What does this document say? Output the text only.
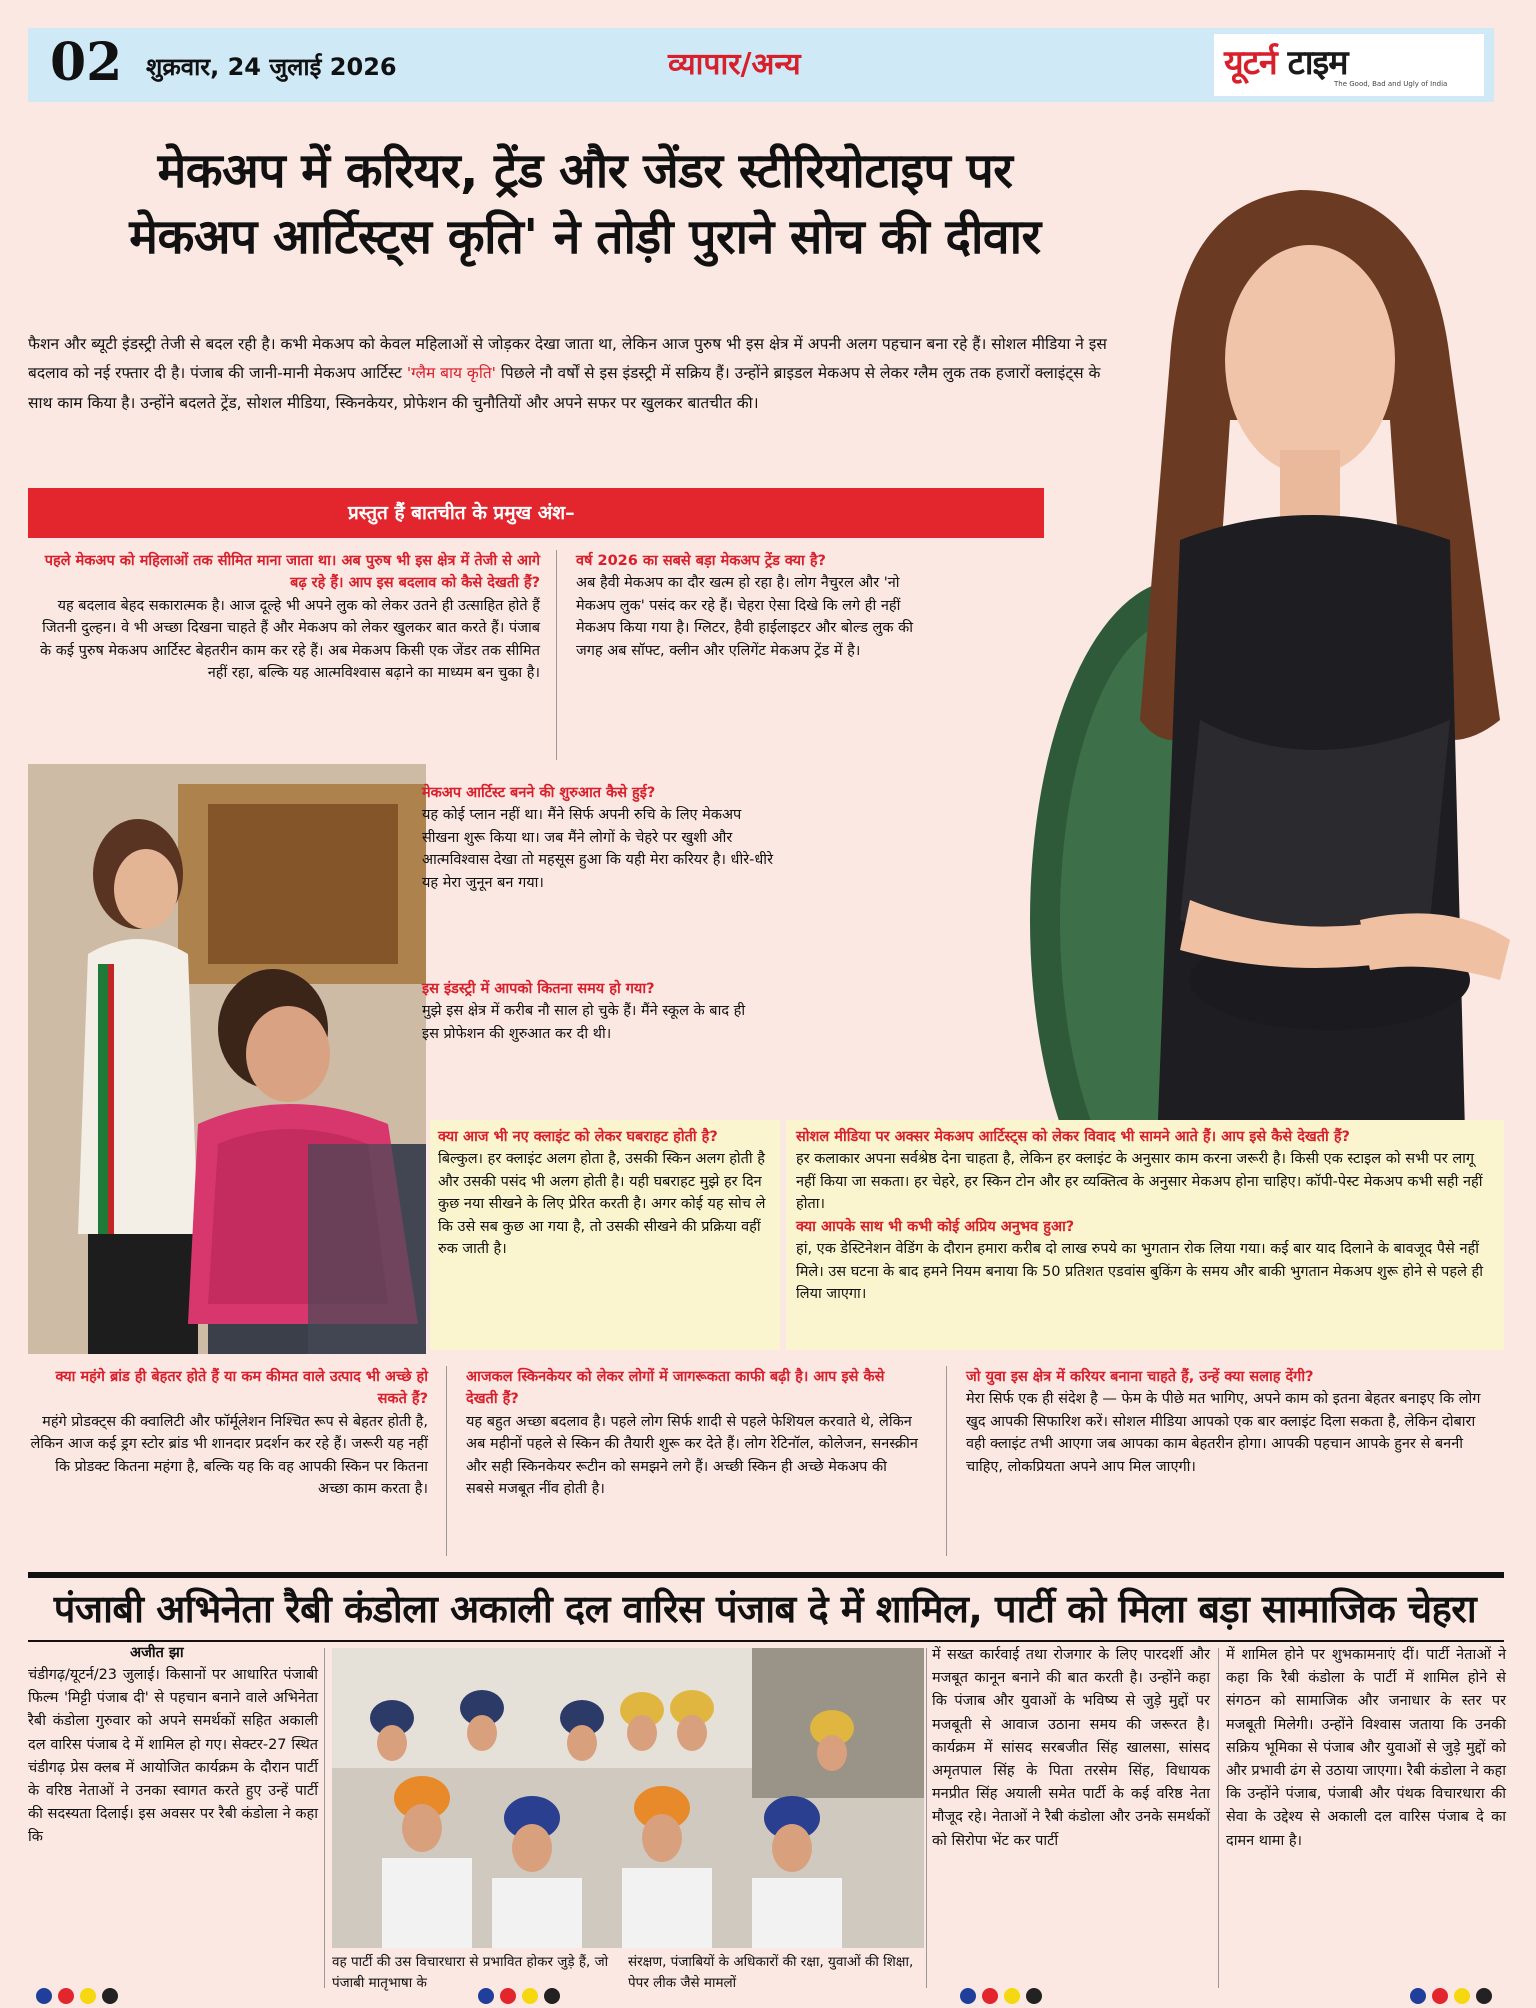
02 शुक्रवार, 24 जुलाई 2026	व्यापार/अन्य	यूटर्न टाइम
The Good, Bad and Ugly of India
मेकअप में करियर, ट्रेंड और जेंडर स्टीरियोटाइप पर
मेकअप आर्टिस्ट्स कृति' ने तोड़ी पुराने सोच की दीवार

फैशन और ब्यूटी इंडस्ट्री तेजी से बदल रही है। कभी मेकअप को केवल महिलाओं से जोड़कर देखा जाता था, लेकिन आज पुरुष भी इस क्षेत्र में अपनी अलग पहचान बना रहे हैं। सोशल मीडिया ने इस बदलाव को नई रफ्तार दी है। पंजाब की जानी-मानी मेकअप आर्टिस्ट 'ग्लैम बाय कृति' पिछले नौ वर्षों से इस इंडस्ट्री में सक्रिय हैं। उन्होंने ब्राइडल मेकअप से लेकर ग्लैम लुक तक हजारों क्लाइंट्स के साथ काम किया है। उन्होंने बदलते ट्रेंड, सोशल मीडिया, स्किनकेयर, प्रोफेशन की चुनौतियों और अपने सफर पर खुलकर बातचीत की।

प्रस्तुत हैं बातचीत के प्रमुख अंश–
पहले मेकअप को महिलाओं तक सीमित माना जाता था। अब पुरुष भी इस क्षेत्र में तेजी से आगे बढ़ रहे हैं। आप इस बदलाव को कैसे देखती हैं?
यह बदलाव बेहद सकारात्मक है। आज दूल्हे भी अपने लुक को लेकर उतने ही उत्साहित होते हैं जितनी दुल्हन। वे भी अच्छा दिखना चाहते हैं और मेकअप को लेकर खुलकर बात करते हैं। पंजाब के कई पुरुष मेकअप आर्टिस्ट बेहतरीन काम कर रहे हैं। अब मेकअप किसी एक जेंडर तक सीमित नहीं रहा, बल्कि यह आत्मविश्वास बढ़ाने का माध्यम बन चुका है।
वर्ष 2026 का सबसे बड़ा मेकअप ट्रेंड क्या है?
अब हैवी मेकअप का दौर खत्म हो रहा है। लोग नैचुरल और 'नो मेकअप लुक' पसंद कर रहे हैं। चेहरा ऐसा दिखे कि लगे ही नहीं मेकअप किया गया है। ग्लिटर, हैवी हाईलाइटर और बोल्ड लुक की जगह अब सॉफ्ट, क्लीन और एलिगेंट मेकअप ट्रेंड में है।
मेकअप आर्टिस्ट बनने की शुरुआत कैसे हुई?
यह कोई प्लान नहीं था। मैंने सिर्फ अपनी रुचि के लिए मेकअप सीखना शुरू किया था। जब मैंने लोगों के चेहरे पर खुशी और आत्मविश्वास देखा तो महसूस हुआ कि यही मेरा करियर है। धीरे-धीरे यह मेरा जुनून बन गया।
इस इंडस्ट्री में आपको कितना समय हो गया?
मुझे इस क्षेत्र में करीब नौ साल हो चुके हैं। मैंने स्कूल के बाद ही इस प्रोफेशन की शुरुआत कर दी थी।
क्या आज भी नए क्लाइंट को लेकर घबराहट होती है?
बिल्कुल। हर क्लाइंट अलग होता है, उसकी स्किन अलग होती है और उसकी पसंद भी अलग होती है। यही घबराहट मुझे हर दिन कुछ नया सीखने के लिए प्रेरित करती है। अगर कोई यह सोच ले कि उसे सब कुछ आ गया है, तो उसकी सीखने की प्रक्रिया वहीं रुक जाती है।
सोशल मीडिया पर अक्सर मेकअप आर्टिस्ट्स को लेकर विवाद भी सामने आते हैं। आप इसे कैसे देखती हैं?
हर कलाकार अपना सर्वश्रेष्ठ देना चाहता है, लेकिन हर क्लाइंट के अनुसार काम करना जरूरी है। किसी एक स्टाइल को सभी पर लागू नहीं किया जा सकता। हर चेहरे, हर स्किन टोन और हर व्यक्तित्व के अनुसार मेकअप होना चाहिए। कॉपी-पेस्ट मेकअप कभी सही नहीं होता।
क्या आपके साथ भी कभी कोई अप्रिय अनुभव हुआ?
हां, एक डेस्टिनेशन वेडिंग के दौरान हमारा करीब दो लाख रुपये का भुगतान रोक लिया गया। कई बार याद दिलाने के बावजूद पैसे नहीं मिले। उस घटना के बाद हमने नियम बनाया कि 50 प्रतिशत एडवांस बुकिंग के समय और बाकी भुगतान मेकअप शुरू होने से पहले ही लिया जाएगा।
क्या महंगे ब्रांड ही बेहतर होते हैं या कम कीमत वाले उत्पाद भी अच्छे हो सकते हैं?
महंगे प्रोडक्ट्स की क्वालिटी और फॉर्मूलेशन निश्चित रूप से बेहतर होती है, लेकिन आज कई ड्रग स्टोर ब्रांड भी शानदार प्रदर्शन कर रहे हैं। जरूरी यह नहीं कि प्रोडक्ट कितना महंगा है, बल्कि यह कि वह आपकी स्किन पर कितना अच्छा काम करता है।
आजकल स्किनकेयर को लेकर लोगों में जागरूकता काफी बढ़ी है। आप इसे कैसे देखती हैं?
यह बहुत अच्छा बदलाव है। पहले लोग सिर्फ शादी से पहले फेशियल करवाते थे, लेकिन अब महीनों पहले से स्किन की तैयारी शुरू कर देते हैं। लोग रेटिनॉल, कोलेजन, सनस्क्रीन और सही स्किनकेयर रूटीन को समझने लगे हैं। अच्छी स्किन ही अच्छे मेकअप की सबसे मजबूत नींव होती है।
जो युवा इस क्षेत्र में करियर बनाना चाहते हैं, उन्हें क्या सलाह देंगी?
मेरा सिर्फ एक ही संदेश है — फेम के पीछे मत भागिए, अपने काम को इतना बेहतर बनाइए कि लोग खुद आपकी सिफारिश करें। सोशल मीडिया आपको एक बार क्लाइंट दिला सकता है, लेकिन दोबारा वही क्लाइंट तभी आएगा जब आपका काम बेहतरीन होगा। आपकी पहचान आपके हुनर से बननी चाहिए, लोकप्रियता अपने आप मिल जाएगी।
पंजाबी अभिनेता रैबी कंडोला अकाली दल वारिस पंजाब दे में शामिल, पार्टी को मिला बड़ा सामाजिक चेहरा
अजीत झा
चंडीगढ़/यूटर्न/23 जुलाई। किसानों पर आधारित पंजाबी फिल्म 'मिट्टी पंजाब दी' से पहचान बनाने वाले अभिनेता रैबी कंडोला गुरुवार को अपने समर्थकों सहित अकाली दल वारिस पंजाब दे में शामिल हो गए। सेक्टर-27 स्थित चंडीगढ़ प्रेस क्लब में आयोजित कार्यक्रम के दौरान पार्टी के वरिष्ठ नेताओं ने उनका स्वागत करते हुए उन्हें पार्टी की सदस्यता दिलाई। इस अवसर पर रैबी कंडोला ने कहा कि
वह पार्टी की उस विचारधारा से प्रभावित होकर जुड़े हैं, जो पंजाबी मातृभाषा के
संरक्षण, पंजाबियों के अधिकारों की रक्षा, युवाओं की शिक्षा, पेपर लीक जैसे मामलों
में सख्त कार्रवाई तथा रोजगार के लिए पारदर्शी और मजबूत कानून बनाने की बात करती है। उन्होंने कहा कि पंजाब और युवाओं के भविष्य से जुड़े मुद्दों पर मजबूती से आवाज उठाना समय की जरूरत है। कार्यक्रम में सांसद सरबजीत सिंह खालसा, सांसद अमृतपाल सिंह के पिता तरसेम सिंह, विधायक मनप्रीत सिंह अयाली समेत पार्टी के कई वरिष्ठ नेता मौजूद रहे। नेताओं ने रैबी कंडोला और उनके समर्थकों को सिरोपा भेंट कर पार्टी
में शामिल होने पर शुभकामनाएं दीं। पार्टी नेताओं ने कहा कि रैबी कंडोला के पार्टी में शामिल होने से संगठन को सामाजिक और जनाधार के स्तर पर मजबूती मिलेगी। उन्होंने विश्वास जताया कि उनकी सक्रिय भूमिका से पंजाब और युवाओं से जुड़े मुद्दों को और प्रभावी ढंग से उठाया जाएगा। रैबी कंडोला ने कहा कि उन्होंने पंजाब, पंजाबी और पंथक विचारधारा की सेवा के उद्देश्य से अकाली दल वारिस पंजाब दे का दामन थामा है।
